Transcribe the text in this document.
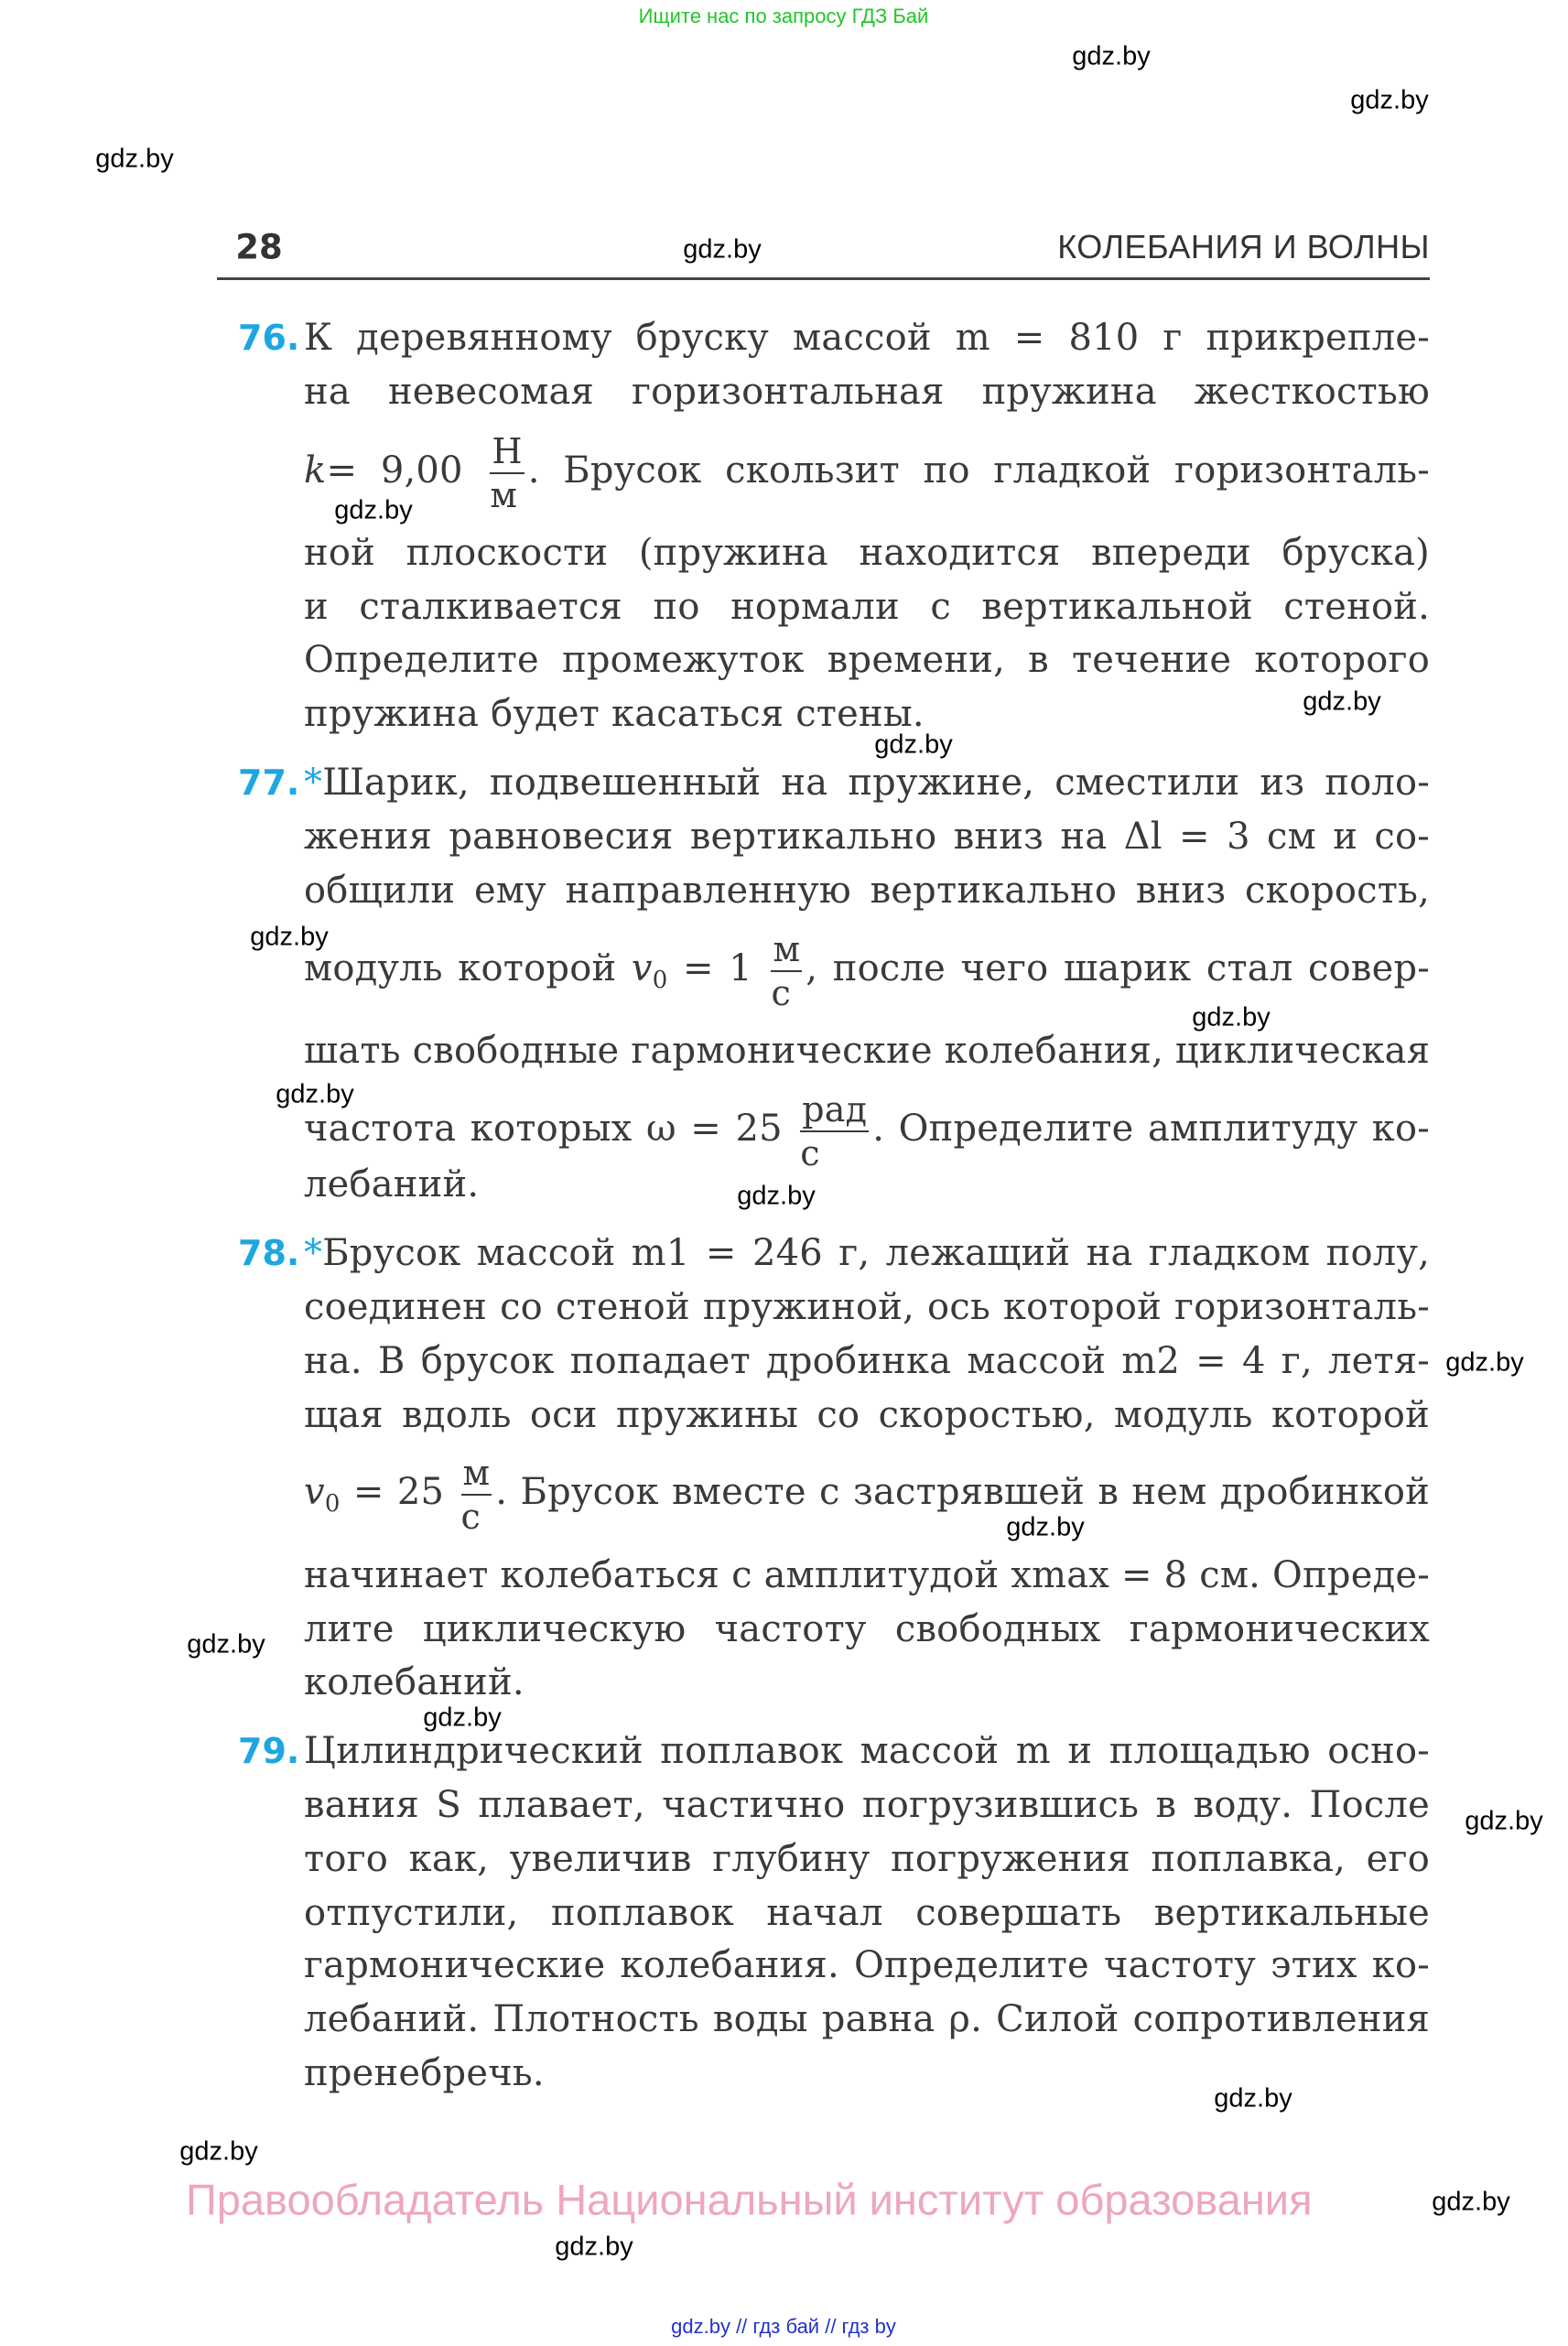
Ищите нас по запросу ГДЗ Бай
28	gdz.by	КОЛЕБАНИЯ И ВОЛНЫ
76. К деревянному бруску массой m = 810 г прикрепле-
на невесомая горизонтальная пружина жесткостью
$k= 9,00 \frac{Н}{м}$ . Брусок скользит по гладкой горизонталь-
ной плоскости (пружина находится впереди бруска)
и сталкивается по нормали с вертикальной стеной.
Определите промежуток времени, в течение которого
пружина будет касаться стены.
77. *Шарик, подвешенный на пружине, сместили из поло-
жения равновесия вертикально вниз на Δl = 3 см и со-
общили ему направленную вертикально вниз скорость,
модуль которой $v_0 = 1 \frac{м}{с}$ , после чего шарик стал совер-
шать свободные гармонические колебания, циклическая
частота которых $\omega = 25 \frac{\text{рад}}{с}$ . Определите амплитуду ко-
лебаний.
78. *Брусок массой m1 = 246 г, лежащий на гладком полу,
соединен со стеной пружиной, ось которой горизонталь-
на. В брусок попадает дробинка массой m2 = 4 г, летя-
щая вдоль оси пружины со скоростью, модуль которой
$v_0 = 25 \frac{м}{с}$ . Брусок вместе с застрявшей в нем дробинкой
начинает колебаться с амплитудой xmax = 8 см. Опреде-
лите циклическую частоту свободных гармонических
колебаний.
79. Цилиндрический поплавок массой m и площадью осно-
вания S плавает, частично погрузившись в воду. После
того как, увеличив глубину погружения поплавка, его
отпустили, поплавок начал совершать вертикальные
гармонические колебания. Определите частоту этих ко-
лебаний. Плотность воды равна ρ. Силой сопротивления
пренебречь.
gdz.by
gdz.by
gdz.by
gdz.by
gdz.by
gdz.by
gdz.by
gdz.by
gdz.by
gdz.by
gdz.by
gdz.by
gdz.by
gdz.by
gdz.by
gdz.by
gdz.by
gdz.by
gdz.by
Правообладатель Национальный институт образования
gdz.by // гдз бай // гдз by
